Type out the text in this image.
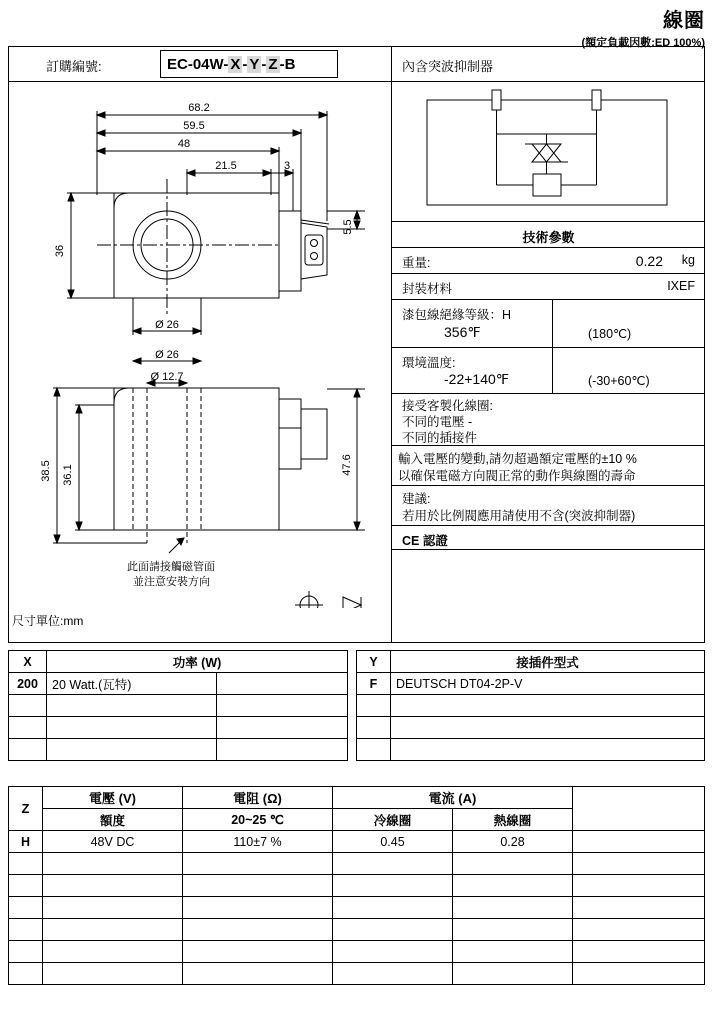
線圈
(額定負載因數:ED 100%)
訂購編號:	EC-04W- X - Y - Z -B	內含突波抑制器
技術參數
重量:	0.22 kg
封裝材料	IXEF
漆包線絕緣等級：H
356℉	(180℃)
環境溫度:
-22+140℉	(-30+60℃)
接受客製化線圈:
不同的電壓 -
不同的插接件
輸入電壓的變動,請勿超過額定電壓的±10 %
以確保電磁方向閥正常的動作與線圈的壽命
建議:
若用於比例閥應用請使用不含(突波抑制器)
CE 認證
68.2
59.5
48
21.5	3
36
5.5
Ø 26
Ø 26
Ø 12.7
38.5 36.1	47.6
此面請接觸磁管面
並注意安裝方向
尺寸單位:mm
X	功率 (W)	
200	20 Watt.(瓦特)	

Y	接插件型式
F	DEUTSCH DT04-2P-V

Z	電壓 (V)	電阻 (Ω)	電流 (A)		
	額度	20~25 ℃	冷線圈	熱線圈	
H	48V DC	110±7 %	0.45	0.28	
